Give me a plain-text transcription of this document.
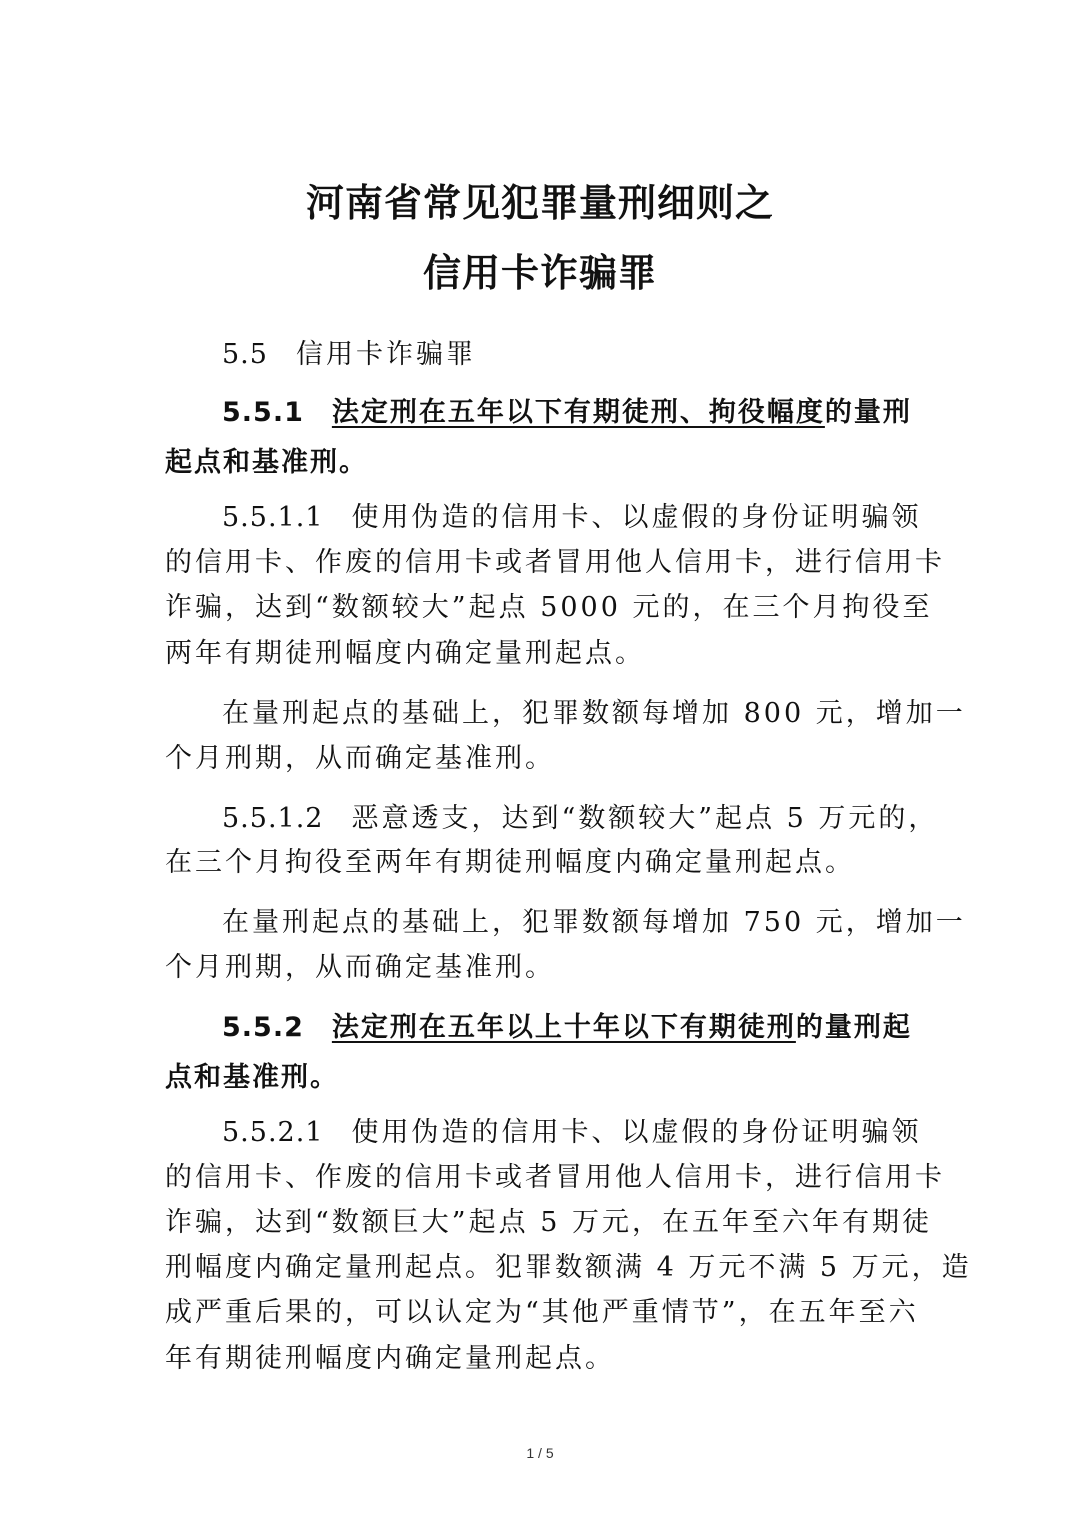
河南省常见犯罪量刑细则之
信用卡诈骗罪
5.5 信用卡诈骗罪
5.5.1 法定刑在五年以下有期徒刑、拘役幅度的量刑
起点和基准刑。
5.5.1.1 使用伪造的信用卡、以虚假的身份证明骗领
的信用卡、作废的信用卡或者冒用他人信用卡，进行信用卡
诈骗，达到“数额较大”起点 5000 元的，在三个月拘役至
两年有期徒刑幅度内确定量刑起点。
在量刑起点的基础上，犯罪数额每增加 800 元，增加一
个月刑期，从而确定基准刑。
5.5.1.2 恶意透支，达到“数额较大”起点 5 万元的，
在三个月拘役至两年有期徒刑幅度内确定量刑起点。
在量刑起点的基础上，犯罪数额每增加 750 元，增加一
个月刑期，从而确定基准刑。
5.5.2 法定刑在五年以上十年以下有期徒刑的量刑起
点和基准刑。
5.5.2.1 使用伪造的信用卡、以虚假的身份证明骗领
的信用卡、作废的信用卡或者冒用他人信用卡，进行信用卡
诈骗，达到“数额巨大”起点 5 万元，在五年至六年有期徒
刑幅度内确定量刑起点。犯罪数额满 4 万元不满 5 万元，造
成严重后果的，可以认定为“其他严重情节”，在五年至六
年有期徒刑幅度内确定量刑起点。
1 / 5
